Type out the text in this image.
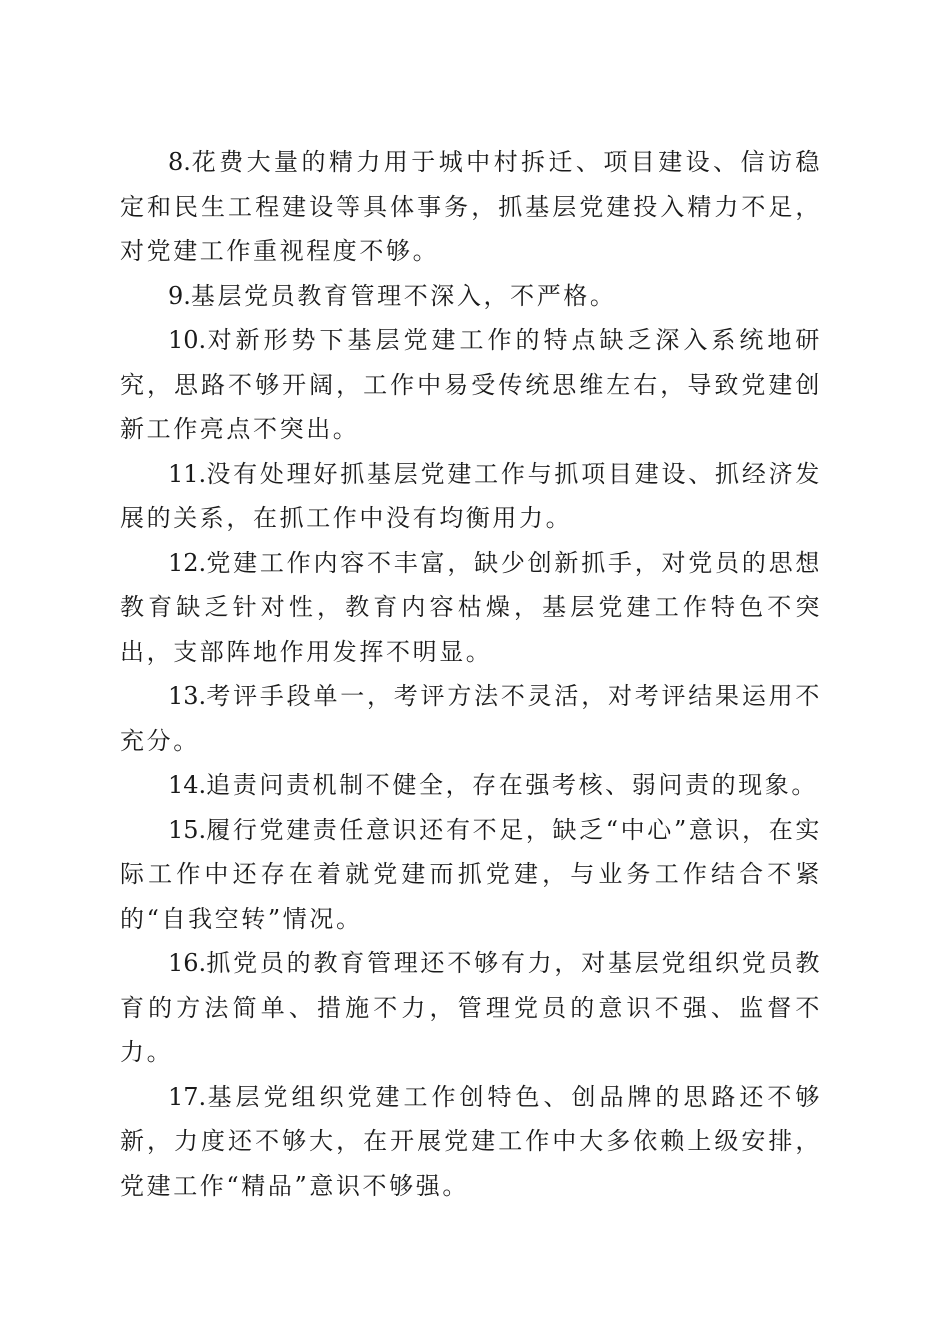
8.花费大量的精力用于城中村拆迁、项目建设、信访稳定和民生工程建设等具体事务，抓基层党建投入精力不足，对党建工作重视程度不够。

9.基层党员教育管理不深入，不严格。

10.对新形势下基层党建工作的特点缺乏深入系统地研究，思路不够开阔，工作中易受传统思维左右，导致党建创新工作亮点不突出。

11.没有处理好抓基层党建工作与抓项目建设、抓经济发展的关系，在抓工作中没有均衡用力。

12.党建工作内容不丰富，缺少创新抓手，对党员的思想教育缺乏针对性，教育内容枯燥，基层党建工作特色不突出，支部阵地作用发挥不明显。

13.考评手段单一，考评方法不灵活，对考评结果运用不充分。

14.追责问责机制不健全，存在强考核、弱问责的现象。

15.履行党建责任意识还有不足，缺乏“中心”意识，在实际工作中还存在着就党建而抓党建，与业务工作结合不紧的“自我空转”情况。

16.抓党员的教育管理还不够有力，对基层党组织党员教育的方法简单、措施不力，管理党员的意识不强、监督不力。

17.基层党组织党建工作创特色、创品牌的思路还不够新，力度还不够大，在开展党建工作中大多依赖上级安排，党建工作“精品”意识不够强。
